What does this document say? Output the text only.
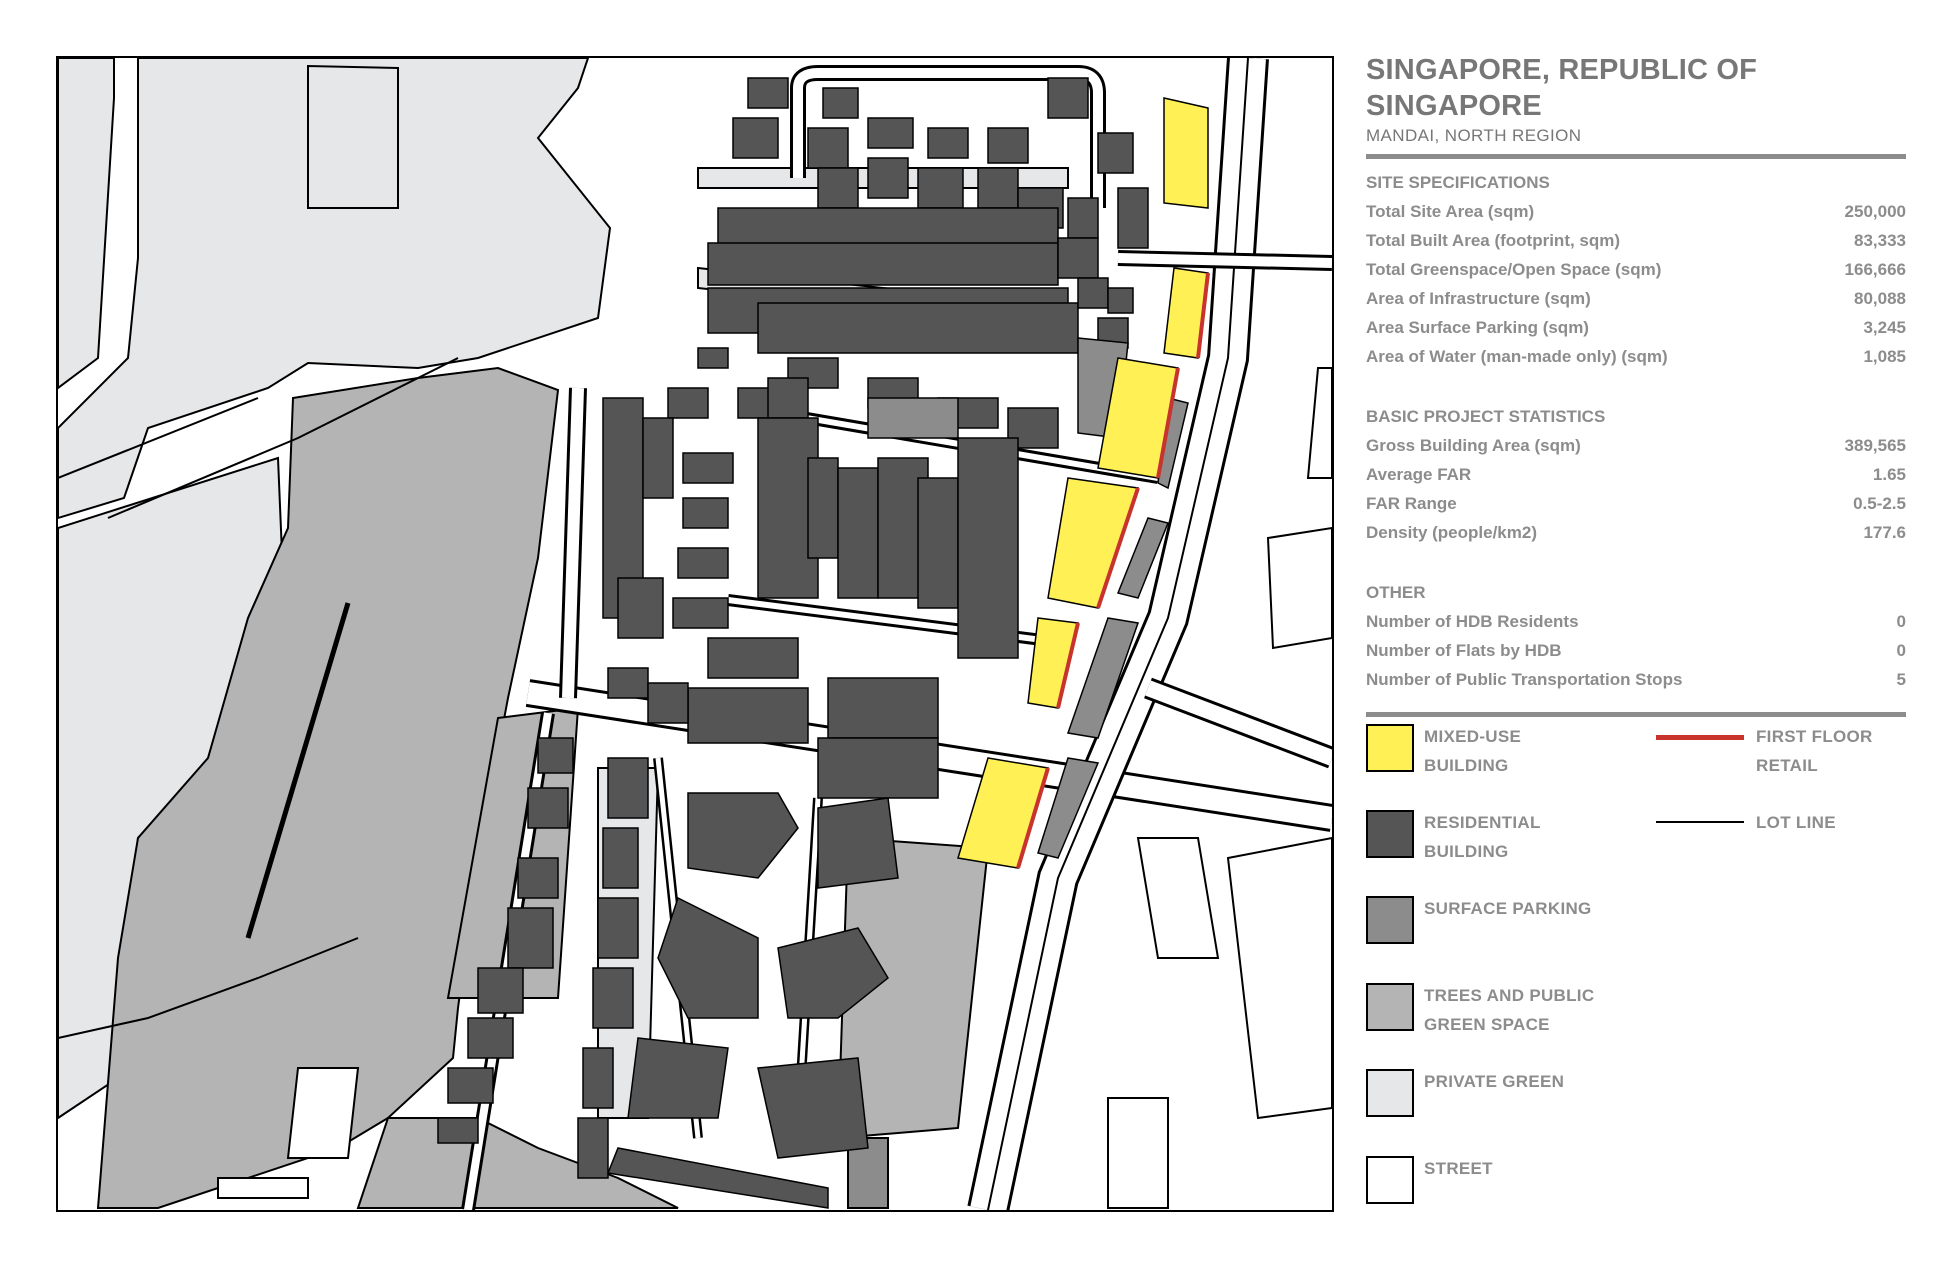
SINGAPORE, REPUBLIC OF
SINGAPORE
MANDAI, NORTH REGION
SITE SPECIFICATIONS
Total Site Area (sqm)	250,000
Total Built Area (footprint, sqm)	83,333
Total Greenspace/Open Space (sqm)	166,666
Area of Infrastructure (sqm)	80,088
Area Surface Parking (sqm)	3,245
Area of Water (man-made only) (sqm)	1,085
BASIC PROJECT STATISTICS
Gross Building Area (sqm)	389,565
Average FAR	1.65
FAR Range	0.5-2.5
Density (people/km2)	177.6
OTHER
Number of HDB Residents	0
Number of Flats by HDB	0
Number of Public Transportation Stops	5
MIXED-USE
BUILDING
RESIDENTIAL
BUILDING
SURFACE PARKING
TREES AND PUBLIC
GREEN SPACE
PRIVATE GREEN
STREET
FIRST FLOOR
RETAIL
LOT LINE
